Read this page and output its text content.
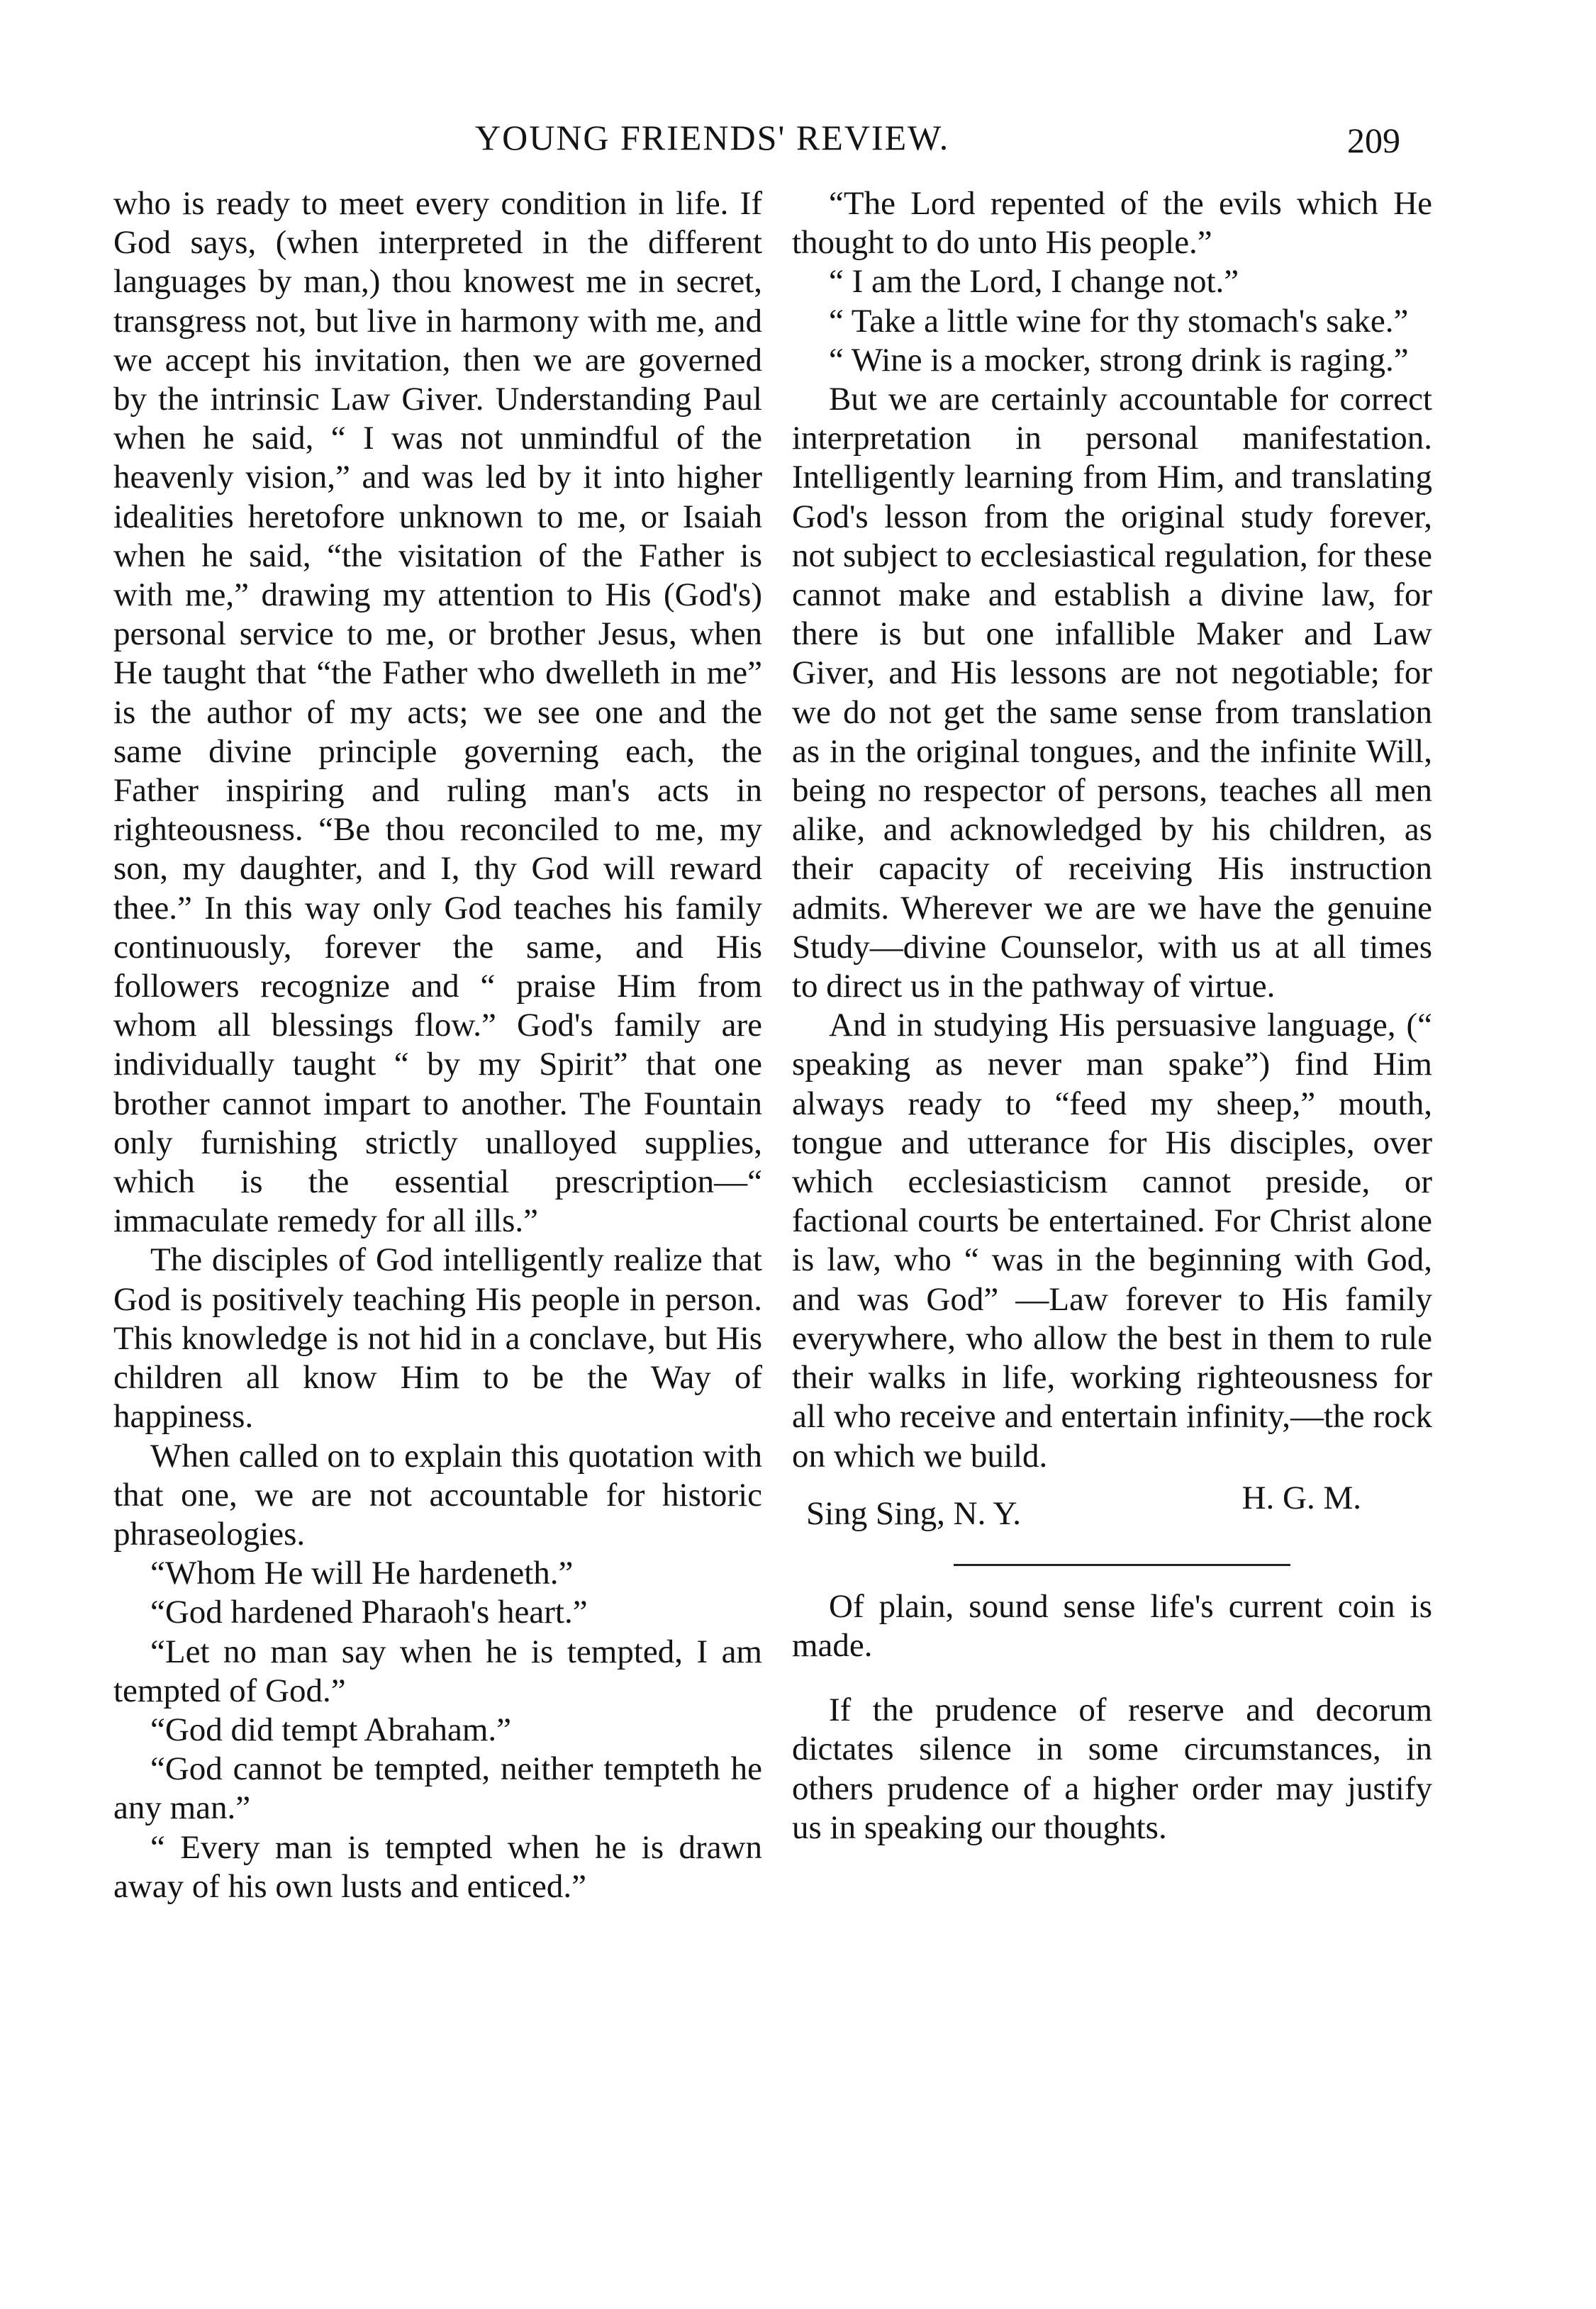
YOUNG FRIENDS' REVIEW.	209

who is ready to meet every condition in life. If God says, (when interpreted in the different languages by man,) thou knowest me in secret, transgress not, but live in harmony with me, and we accept his invitation, then we are governed by the intrinsic Law Giver. Understanding Paul when he said, “ I was not unmindful of the heavenly vision,” and was led by it into higher idealities heretofore unknown to me, or Isaiah when he said, “the visitation of the Father is with me,” drawing my attention to His (God's) personal service to me, or brother Jesus, when He taught that “the Father who dwelleth in me” is the author of my acts; we see one and the same divine principle governing each, the Father inspiring and ruling man's acts in righteousness. “Be thou reconciled to me, my son, my daughter, and I, thy God will reward thee.” In this way only God teaches his family continuously, forever the same, and His followers recognize and “ praise Him from whom all blessings flow.” God's family are individually taught “ by my Spirit” that one brother cannot impart to another. The Fountain only furnishing strictly unalloyed supplies, which is the essential prescription—“ immaculate remedy for all ills.”

The disciples of God intelligently realize that God is positively teaching His people in person. This knowledge is not hid in a conclave, but His children all know Him to be the Way of happiness.

When called on to explain this quotation with that one, we are not accountable for historic phraseologies.

“Whom He will He hardeneth.”

“God hardened Pharaoh's heart.”

“Let no man say when he is tempted, I am tempted of God.”

“God did tempt Abraham.”

“God cannot be tempted, neither tempteth he any man.”

“ Every man is tempted when he is drawn away of his own lusts and enticed.”

“The Lord repented of the evils which He thought to do unto His people.”

“ I am the Lord, I change not.”

“ Take a little wine for thy stomach's sake.”

“ Wine is a mocker, strong drink is raging.”

But we are certainly accountable for correct interpretation in personal manifestation. Intelligently learning from Him, and translating God's lesson from the original study forever, not subject to ecclesiastical regulation, for these cannot make and establish a divine law, for there is but one infallible Maker and Law Giver, and His lessons are not negotiable; for we do not get the same sense from translation as in the original tongues, and the infinite Will, being no respector of persons, teaches all men alike, and acknowledged by his children, as their capacity of receiving His instruction admits. Wherever we are we have the genuine Study—divine Counselor, with us at all times to direct us in the pathway of virtue.

And in studying His persuasive language, (“ speaking as never man spake”) find Him always ready to “feed my sheep,” mouth, tongue and utterance for His disciples, over which ecclesiasticism cannot preside, or factional courts be entertained. For Christ alone is law, who “ was in the beginning with God, and was God” —Law forever to His family everywhere, who allow the best in them to rule their walks in life, working righteousness for all who receive and entertain infinity,—the rock on which we build.

Sing Sing, N. Y.	H. G. M.

Of plain, sound sense life's current coin is made.

If the prudence of reserve and decorum dictates silence in some circumstances, in others prudence of a higher order may justify us in speaking our thoughts.
